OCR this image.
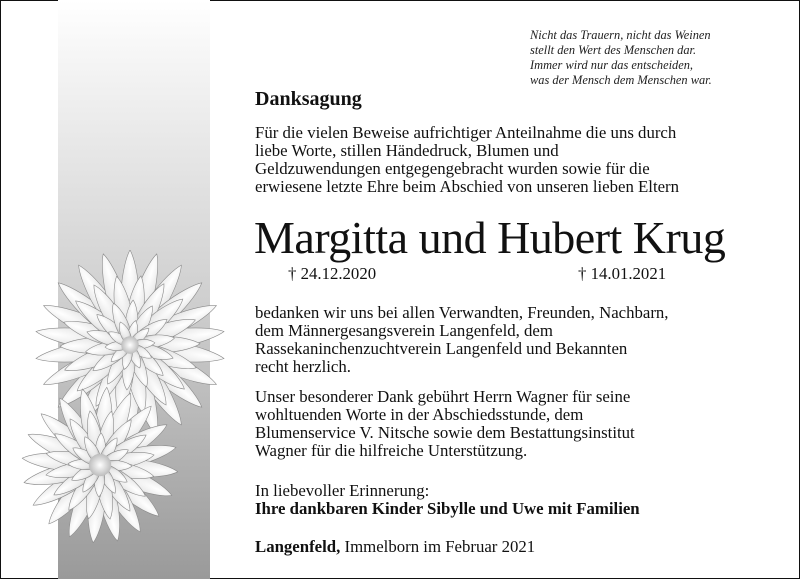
Nicht das Trauern, nicht das Weinen
stellt den Wert des Menschen dar.
Immer wird nur das entscheiden,
was der Mensch dem Menschen war.
Danksagung
Für die vielen Beweise aufrichtiger Anteilnahme die uns durch
liebe Worte, stillen Händedruck, Blumen und
Geldzuwendungen entgegengebracht wurden sowie für die
erwiesene letzte Ehre beim Abschied von unseren lieben Eltern
Margitta und Hubert Krug
† 24.12.2020	† 14.01.2021
bedanken wir uns bei allen Verwandten, Freunden, Nachbarn,
dem Männergesangsverein Langenfeld, dem
Rassekaninchenzuchtverein Langenfeld und Bekannten
recht herzlich.
Unser besonderer Dank gebührt Herrn Wagner für seine
wohltuenden Worte in der Abschiedsstunde, dem
Blumenservice V. Nitsche sowie dem Bestattungsinstitut
Wagner für die hilfreiche Unterstützung.
In liebevoller Erinnerung:
Ihre dankbaren Kinder Sibylle und Uwe mit Familien
Langenfeld, Immelborn im Februar 2021
